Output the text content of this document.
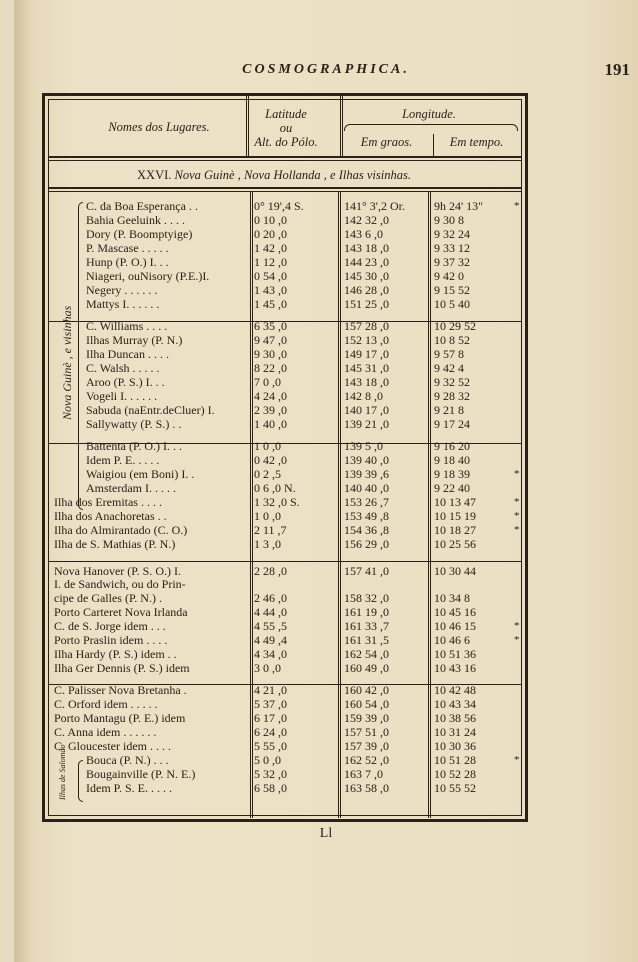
COSMOGRAPHICA.	191
Nomes dos Lugares.
Latitude
ou
Alt. do Pólo.
Longitude.
Em graos.	Em tempo.
XXVI. Nova Guinè , Nova Hollanda , e Ilhas visinhas.
Nova Guinè , e visinhas
Ilhas de Salomão
C. da Boa Esperança . .	0° 19',4 S.	141° 3',2 Or.	9h 24' 13"	*
Bahia Geeluink . . . .	0 10 ,0	142 32 ,0	9 30 8
Dory (P. Boomptyige)	0 20 ,0	143 6 ,0	9 32 24
P. Mascase . . . . .	1 42 ,0	143 18 ,0	9 33 12
Hunp (P. O.) I. . .	1 12 ,0	144 23 ,0	9 37 32
Niageri, ouNisory (P.E.)I.	0 54 ,0	145 30 ,0	9 42 0
Negery . . . . . .	1 43 ,0	146 28 ,0	9 15 52
Mattys I. . . . . .	1 45 ,0	151 25 ,0	10 5 40
C. Williams . . . .	6 35 ,0	157 28 ,0	10 29 52
Ilhas Murray (P. N.)	9 47 ,0	152 13 ,0	10 8 52
Ilha Duncan . . . .	9 30 ,0	149 17 ,0	9 57 8
C. Walsh . . . . .	8 22 ,0	145 31 ,0	9 42 4
Aroo (P. S.) I. . .	7 0 ,0	143 18 ,0	9 32 52
Vogeli I. . . . . .	4 24 ,0	142 8 ,0	9 28 32
Sabuda (naEntr.deCluer) I.	2 39 ,0	140 17 ,0	9 21 8
Sallywatty (P. S.) . .	1 40 ,0	139 21 ,0	9 17 24
Battenta (P. O.) I. . .	1 0 ,0	139 5 ,0	9 16 20
Idem P. E. . . . .	0 42 ,0	139 40 ,0	9 18 40
Waigiou (em Boni) I. .	0 2 ,5	139 39 ,6	9 18 39	*
Amsterdam I. . . . .	0 6 ,0 N.	140 40 ,0	9 22 40
Ilha dos Eremitas . . . .	1 32 ,0 S.	153 26 ,7	10 13 47	*
Ilha dos Anachoretas . .	1 0 ,0	153 49 ,8	10 15 19	*
Ilha do Almirantado (C. O.)	2 11 ,7	154 36 ,8	10 18 27	*
Ilha de S. Mathias (P. N.)	1 3 ,0	156 29 ,0	10 25 56
Nova Hanover (P. S. O.) I.	2 28 ,0	157 41 ,0	10 30 44
I. de Sandwich, ou do Prin-
cipe de Galles (P. N.) .	2 46 ,0	158 32 ,0	10 34 8
Porto Carteret Nova Irlanda	4 44 ,0	161 19 ,0	10 45 16
C. de S. Jorge idem . . .	4 55 ,5	161 33 ,7	10 46 15	*
Porto Praslin idem . . . .	4 49 ,4	161 31 ,5	10 46 6	*
Ilha Hardy (P. S.) idem . .	4 34 ,0	162 54 ,0	10 51 36
Ilha Ger Dennis (P. S.) idem	3 0 ,0	160 49 ,0	10 43 16
C. Palisser Nova Bretanha .	4 21 ,0	160 42 ,0	10 42 48
C. Orford idem . . . . .	5 37 ,0	160 54 ,0	10 43 34
Porto Mantagu (P. E.) idem	6 17 ,0	159 39 ,0	10 38 56
C. Anna idem . . . . . .	6 24 ,0	157 51 ,0	10 31 24
C. Gloucester idem . . . .	5 55 ,0	157 39 ,0	10 30 36
Bouca (P. N.) . . .	5 0 ,0	162 52 ,0	10 51 28	*
Bougainville (P. N. E.)	5 32 ,0	163 7 ,0	10 52 28
Idem P. S. E. . . . .	6 58 ,0	163 58 ,0	10 55 52
Ll
